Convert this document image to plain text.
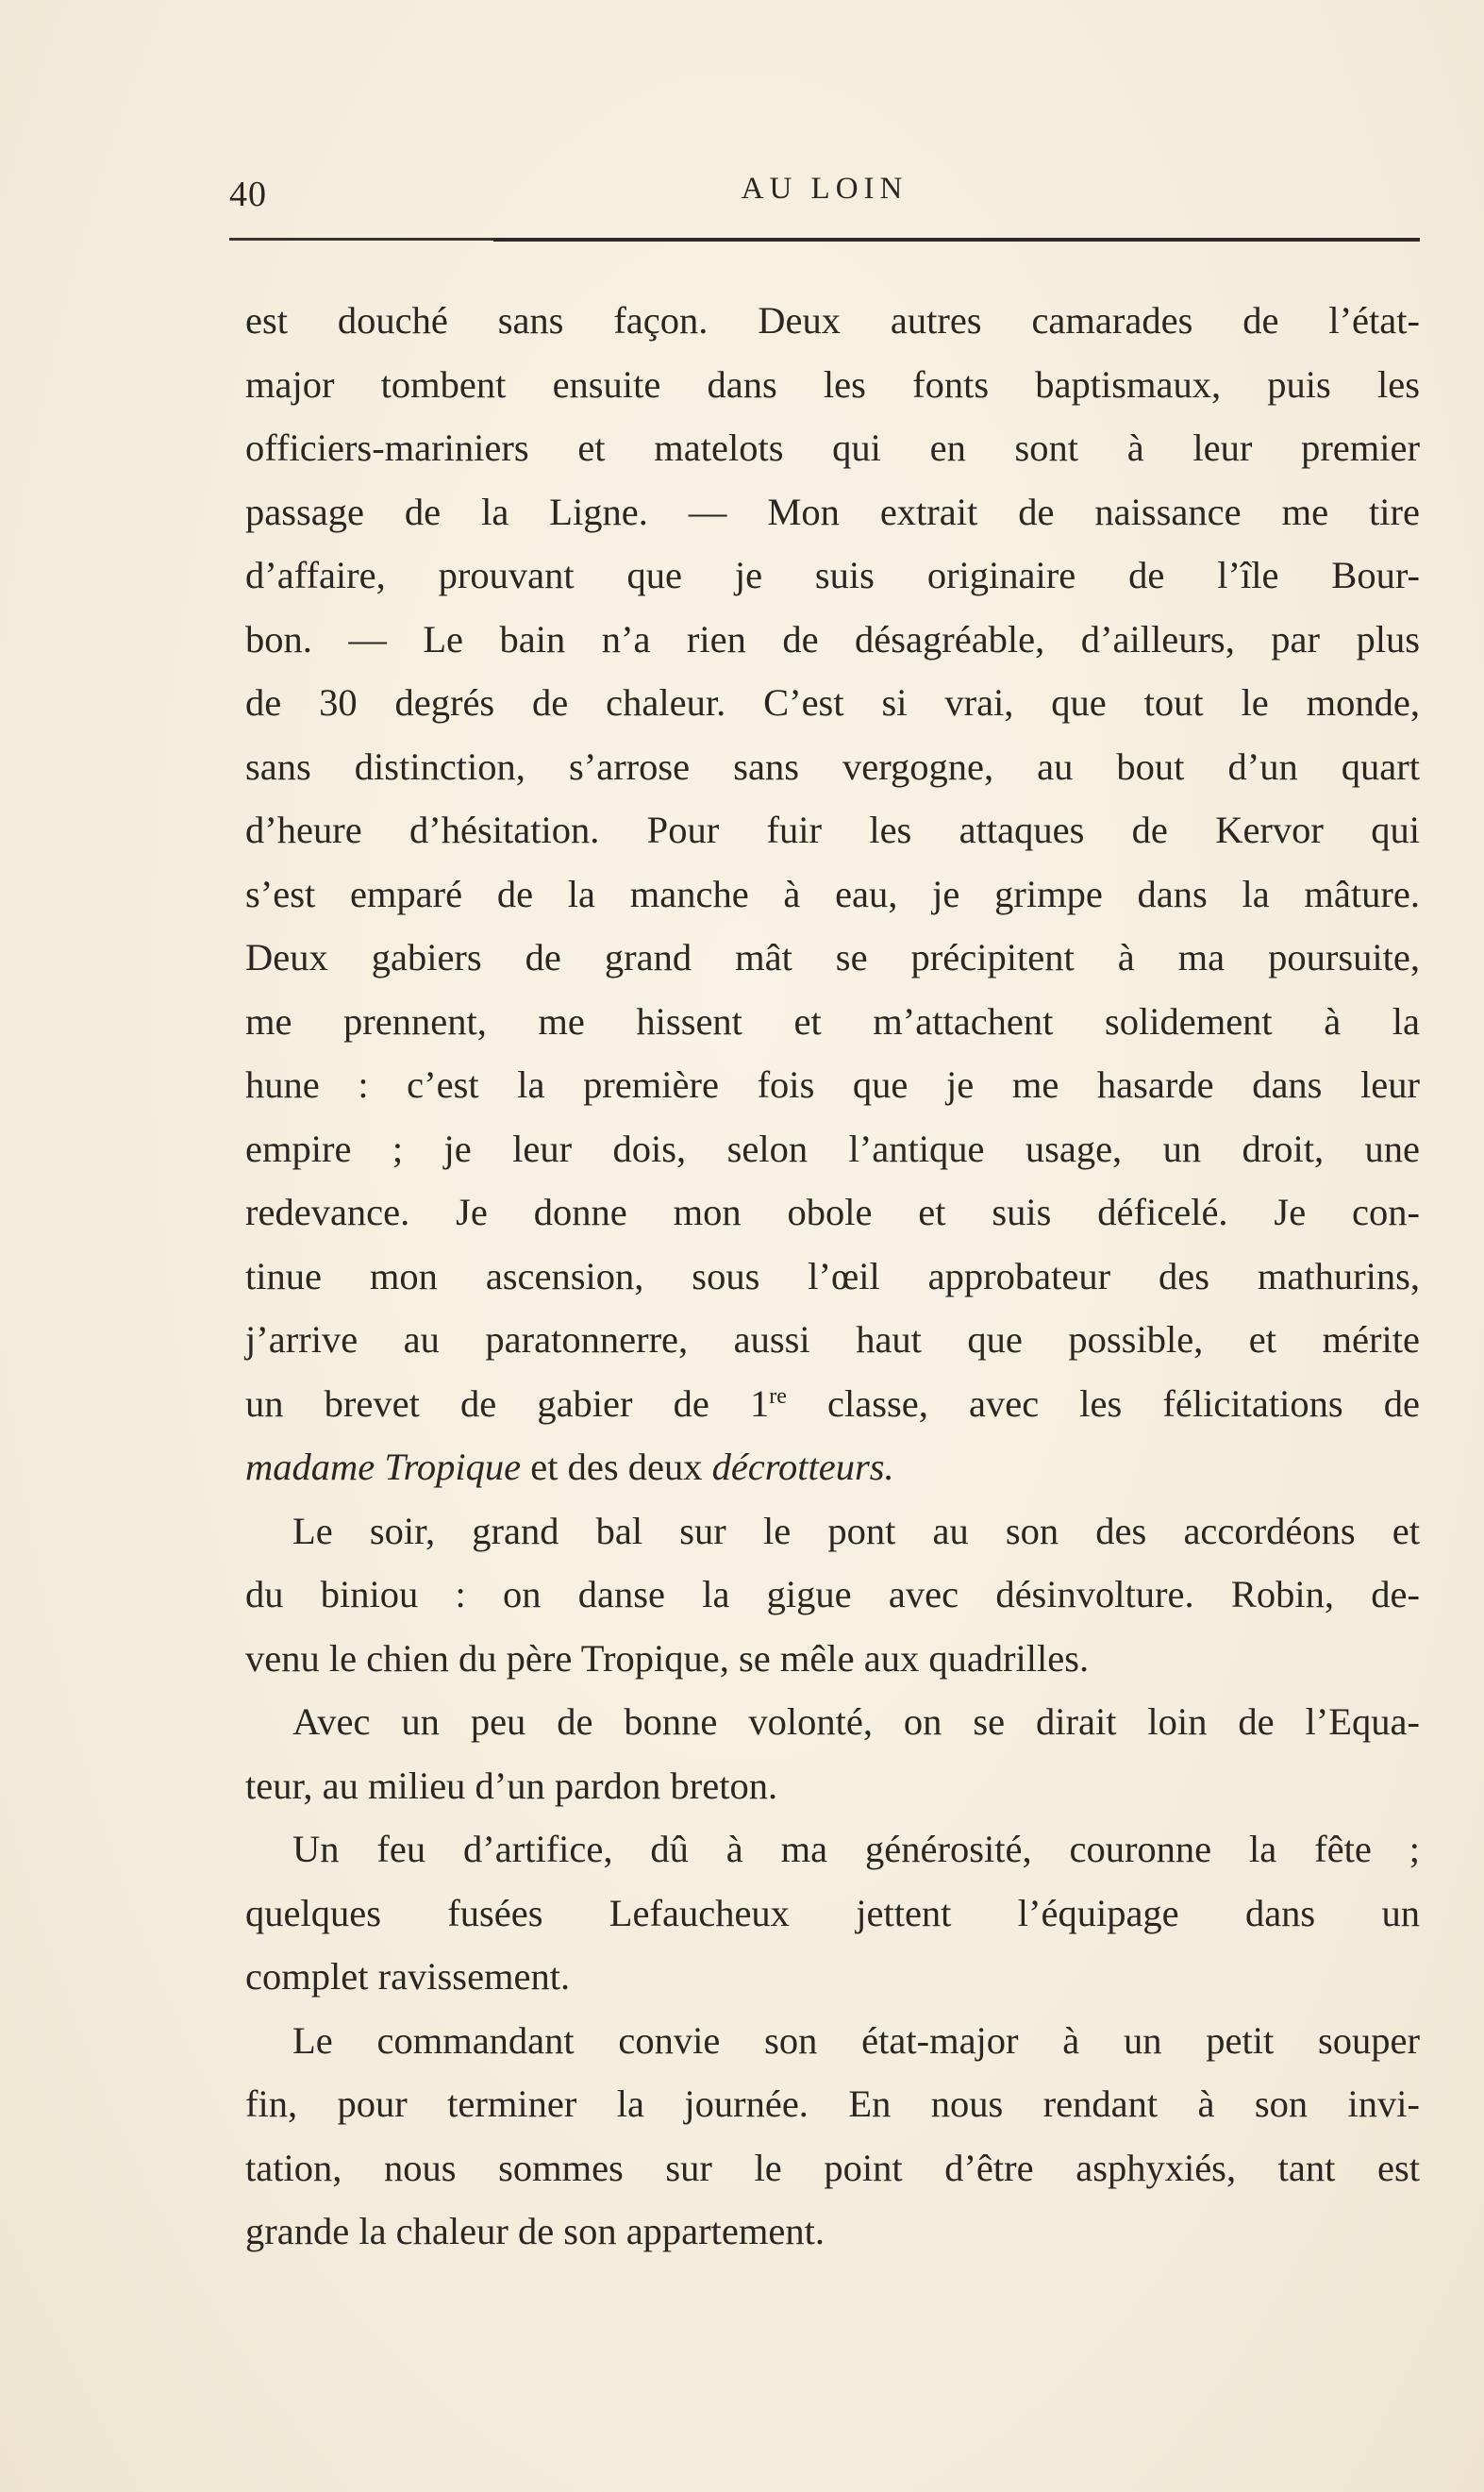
40	AU LOIN
est douché sans façon. Deux autres camarades de l’état-
major tombent ensuite dans les fonts baptismaux, puis les
officiers-mariniers et matelots qui en sont à leur premier
passage de la Ligne. — Mon extrait de naissance me tire
d’affaire, prouvant que je suis originaire de l’île Bour-
bon. — Le bain n’a rien de désagréable, d’ailleurs, par plus
de 30 degrés de chaleur. C’est si vrai, que tout le monde,
sans distinction, s’arrose sans vergogne, au bout d’un quart
d’heure d’hésitation. Pour fuir les attaques de Kervor qui
s’est emparé de la manche à eau, je grimpe dans la mâture.
Deux gabiers de grand mât se précipitent à ma poursuite,
me prennent, me hissent et m’attachent solidement à la
hune : c’est la première fois que je me hasarde dans leur
empire ; je leur dois, selon l’antique usage, un droit, une
redevance. Je donne mon obole et suis déficelé. Je con-
tinue mon ascension, sous l’œil approbateur des mathurins,
j’arrive au paratonnerre, aussi haut que possible, et mérite
un brevet de gabier de 1re classe, avec les félicitations de
madame Tropique et des deux décrotteurs.
Le soir, grand bal sur le pont au son des accordéons et
du biniou : on danse la gigue avec désinvolture. Robin, de-
venu le chien du père Tropique, se mêle aux quadrilles.
Avec un peu de bonne volonté, on se dirait loin de l’Equa-
teur, au milieu d’un pardon breton.
Un feu d’artifice, dû à ma générosité, couronne la fête ;
quelques fusées Lefaucheux jettent l’équipage dans un
complet ravissement.
Le commandant convie son état-major à un petit souper
fin, pour terminer la journée. En nous rendant à son invi-
tation, nous sommes sur le point d’être asphyxiés, tant est
grande la chaleur de son appartement.
